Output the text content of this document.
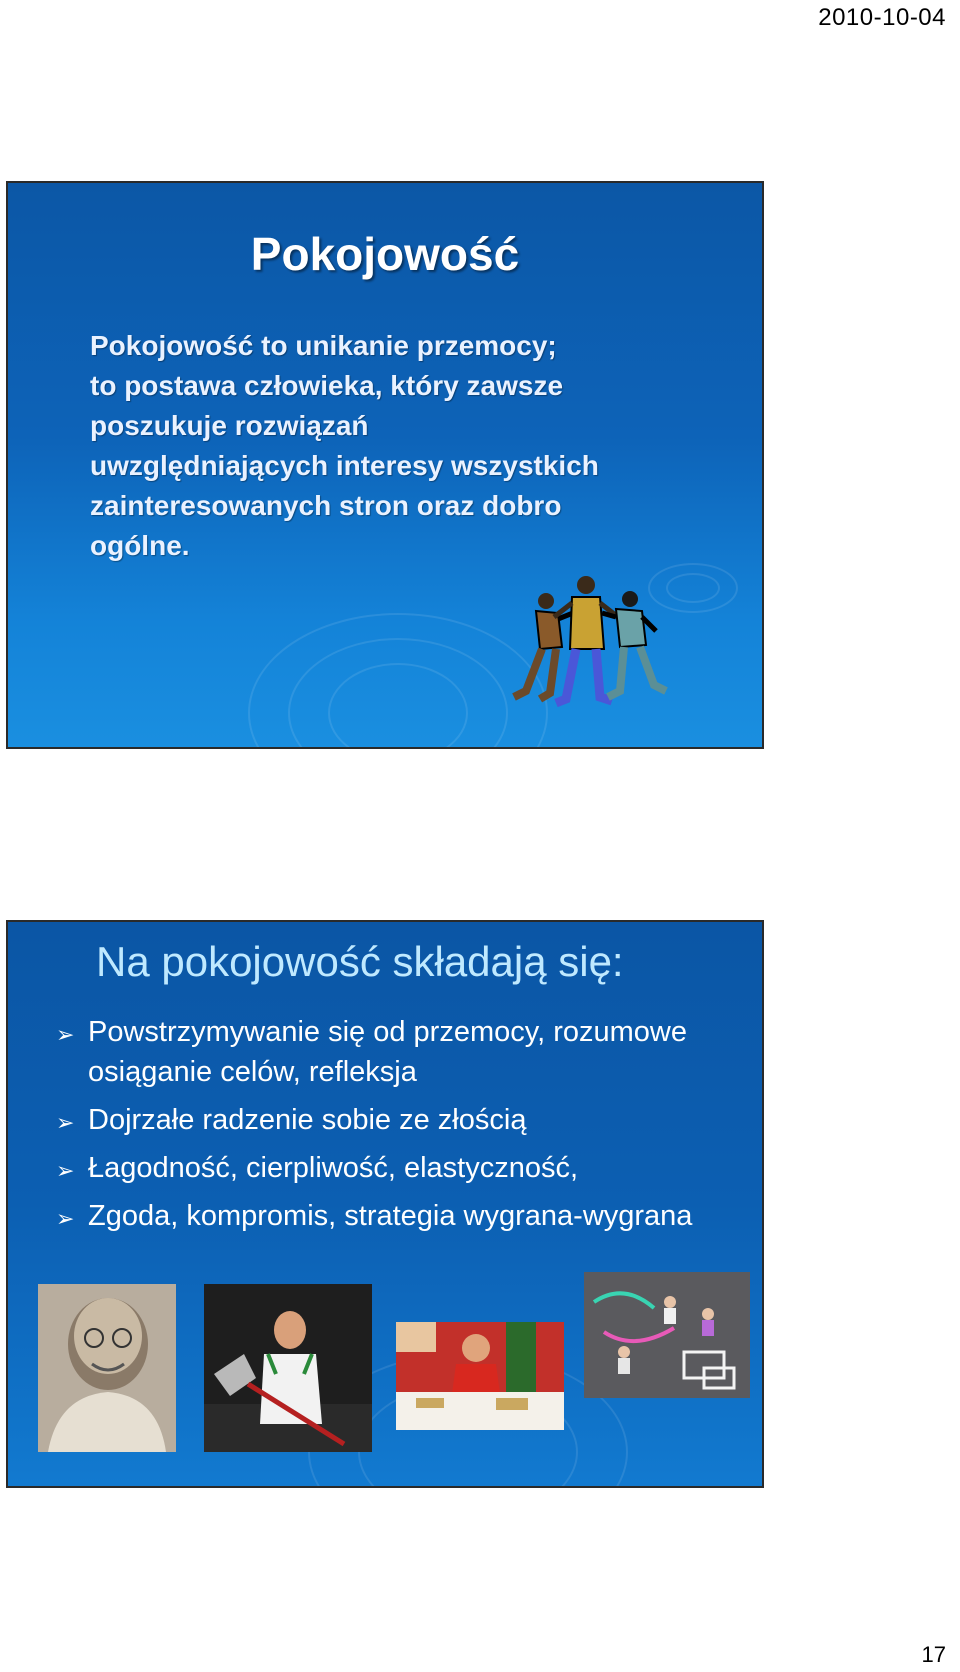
2010-10-04
Pokojowość

Pokojowość to unikanie przemocy;
to postawa człowieka, który zawsze
poszukuje rozwiązań
uwzględniających interesy wszystkich
zainteresowanych stron oraz dobro
ogólne.

Na pokojowość składają się:
➢ Powstrzymywanie się od przemocy, rozumowe osiąganie celów, refleksja
➢ Dojrzałe radzenie sobie ze złością
➢ Łagodność, cierpliwość, elastyczność,
➢ Zgoda, kompromis, strategia wygrana-wygrana
17
